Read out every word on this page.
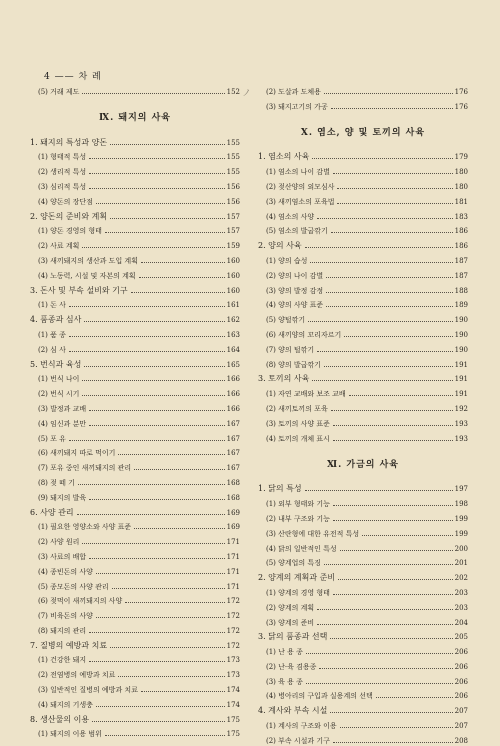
4 —— 차 례
ノ
(5) 거래 제도	152
Ⅸ. 돼지의 사육
1. 돼지의 특성과 양돈	155
(1) 형태적 특성	155
(2) 생리적 특성	155
(3) 심리적 특성	156
(4) 양돈의 장단점	156
2. 양돈의 준비와 계획	157
(1) 양돈 경영의 형태	157
(2) 사료 계획	159
(3) 새끼돼지의 생산과 도입 계획	160
(4) 노동력, 시설 및 자본의 계획	160
3. 돈사 및 부속 설비와 기구	160
(1) 돈 사	161
4. 품종과 심사	162
(1) 품 종	163
(2) 심 사	164
5. 번식과 육성	165
(1) 번식 나이	166
(2) 번식 시기	166
(3) 발정과 교배	166
(4) 임신과 분만	167
(5) 포 유	167
(6) 새끼돼지 따로 먹이기	167
(7) 포유 중인 새끼돼지의 관리	167
(8) 젖 떼 기	168
(9) 돼지의 발육	168
6. 사양 관리	169
(1) 필요한 영양소와 사양 표준	169
(2) 사양 원리	171
(3) 사료의 배합	171
(4) 종빈돈의 사양	171
(5) 종모돈의 사양 관리	171
(6) 젖먹이 새끼돼지의 사양	172
(7) 비육돈의 사양	172
(8) 돼지의 관리	172
7. 질병의 예방과 치료	172
(1) 건강한 돼지	173
(2) 전염병의 예방과 치료	173
(3) 일반적인 질병의 예방과 치료	174
(4) 돼지의 기생충	174
8. 생산물의 이용	175
(1) 돼지의 이용 범위	175
(2) 도살과 도체용	176
(3) 돼지고기의 가공	176
Ⅹ. 염소, 양 및 토끼의 사육
1. 염소의 사육	179
(1) 염소의 나이 감별	180
(2) 젖산양의 외모심사	180
(3) 새끼염소의 포육법	181
(4) 염소의 사양	183
(5) 염소의 발굽깎기	186
2. 양의 사육	186
(1) 양의 습성	187
(2) 양의 나이 감별	187
(3) 양의 발정 감정	188
(4) 양의 사양 표준	189
(5) 양털깎기	190
(6) 새끼양의 꼬리자르기	190
(7) 양의 털깎기	190
(8) 양의 발굽깎기	191
3. 토끼의 사육	191
(1) 자연 교배와 보조 교배	191
(2) 새끼토끼의 포육	192
(3) 토끼의 사양 표준	193
(4) 토끼의 개체 표시	193
Ⅺ. 가금의 사육
1. 닭의 특성	197
(1) 외부 형태와 기능	198
(2) 내부 구조와 기능	199
(3) 산란형에 대한 유전적 특성	199
(4) 닭의 일반적인 특성	200
(5) 양계업의 특징	201
2. 양계의 계획과 준비	202
(1) 양계의 경영 형태	203
(2) 양계의 계획	203
(3) 양계의 준비	204
3. 닭의 품종과 선택	205
(1) 난 용 종	206
(2) 난·육 겸용종	206
(3) 육 용 종	206
(4) 병아리의 구입과 실용계의 선택	206
4. 계사와 부속 시설	207
(1) 계사의 구조와 이용	207
(2) 부속 시설과 기구	208
